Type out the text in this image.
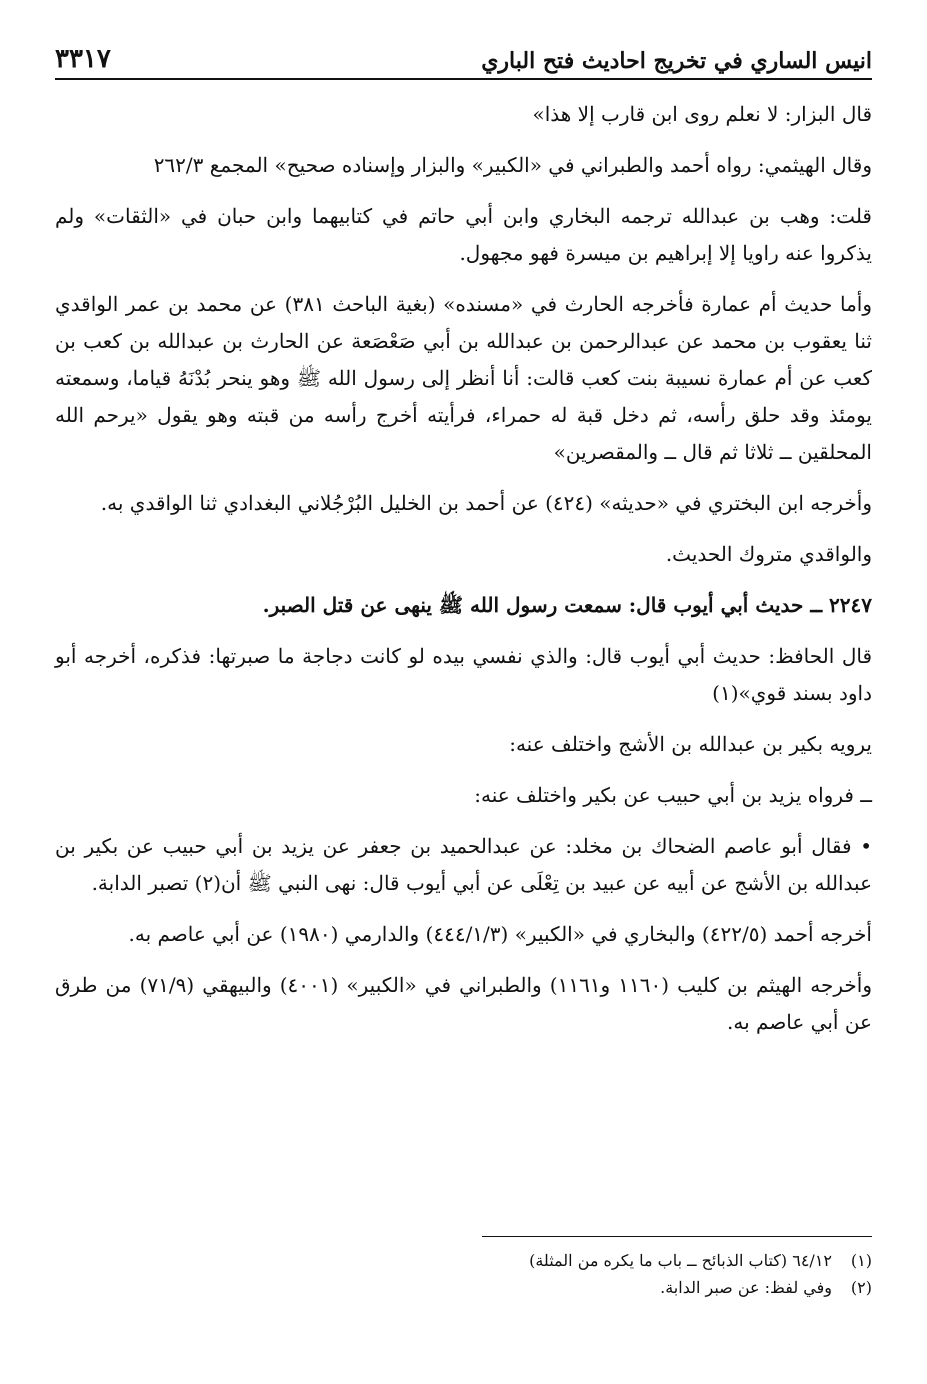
انيس الساري في تخريج احاديث فتح الباري
٣٣١٧

قال البزار: لا نعلم روى ابن قارب إلا هذا»

وقال الهيثمي: رواه أحمد والطبراني في «الكبير» والبزار وإسناده صحيح» المجمع ٢٦٢/٣

قلت: وهب بن عبدالله ترجمه البخاري وابن أبي حاتم في كتابيهما وابن حبان في «الثقات» ولم يذكروا عنه راويا إلا إبراهيم بن ميسرة فهو مجهول.

وأما حديث أم عمارة فأخرجه الحارث في «مسنده» (بغية الباحث ٣٨١) عن محمد بن عمر الواقدي ثنا يعقوب بن محمد عن عبدالرحمن بن عبدالله بن أبي صَعْصَعة عن الحارث بن عبدالله بن كعب بن كعب عن أم عمارة نسيبة بنت كعب قالت: أنا أنظر إلى رسول الله ﷺ وهو ينحر بُدْنَهُ قياما، وسمعته يومئذ وقد حلق رأسه، ثم دخل قبة له حمراء، فرأيته أخرج رأسه من قبته وهو يقول «يرحم الله المحلقين ــ ثلاثا ثم قال ــ والمقصرين»

وأخرجه ابن البختري في «حديثه» (٤٢٤) عن أحمد بن الخليل البُرْجُلاني البغدادي ثنا الواقدي به.

والواقدي متروك الحديث.

٢٢٤٧ ــ حديث أبي أيوب قال: سمعت رسول الله ﷺ ينهى عن قتل الصبر.

قال الحافظ: حديث أبي أيوب قال: والذي نفسي بيده لو كانت دجاجة ما صبرتها: فذكره، أخرجه أبو داود بسند قوي»(١)

يرويه بكير بن عبدالله بن الأشج واختلف عنه:

ــ فرواه يزيد بن أبي حبيب عن بكير واختلف عنه:

• فقال أبو عاصم الضحاك بن مخلد: عن عبدالحميد بن جعفر عن يزيد بن أبي حبيب عن بكير بن عبدالله بن الأشج عن أبيه عن عبيد بن تِعْلَى عن أبي أيوب قال: نهى النبي ﷺ أن(٢) تصبر الدابة.

أخرجه أحمد (٤٢٢/٥) والبخاري في «الكبير» (٤٤٤/١/٣) والدارمي (١٩٨٠) عن أبي عاصم به.

وأخرجه الهيثم بن كليب (١١٦٠ و١١٦١) والطبراني في «الكبير» (٤٠٠١) والبيهقي (٧١/٩) من طرق عن أبي عاصم به.

(١)
٦٤/١٢ (كتاب الذبائح ــ باب ما يكره من المثلة)
(٢)
وفي لفظ: عن صبر الدابة.
